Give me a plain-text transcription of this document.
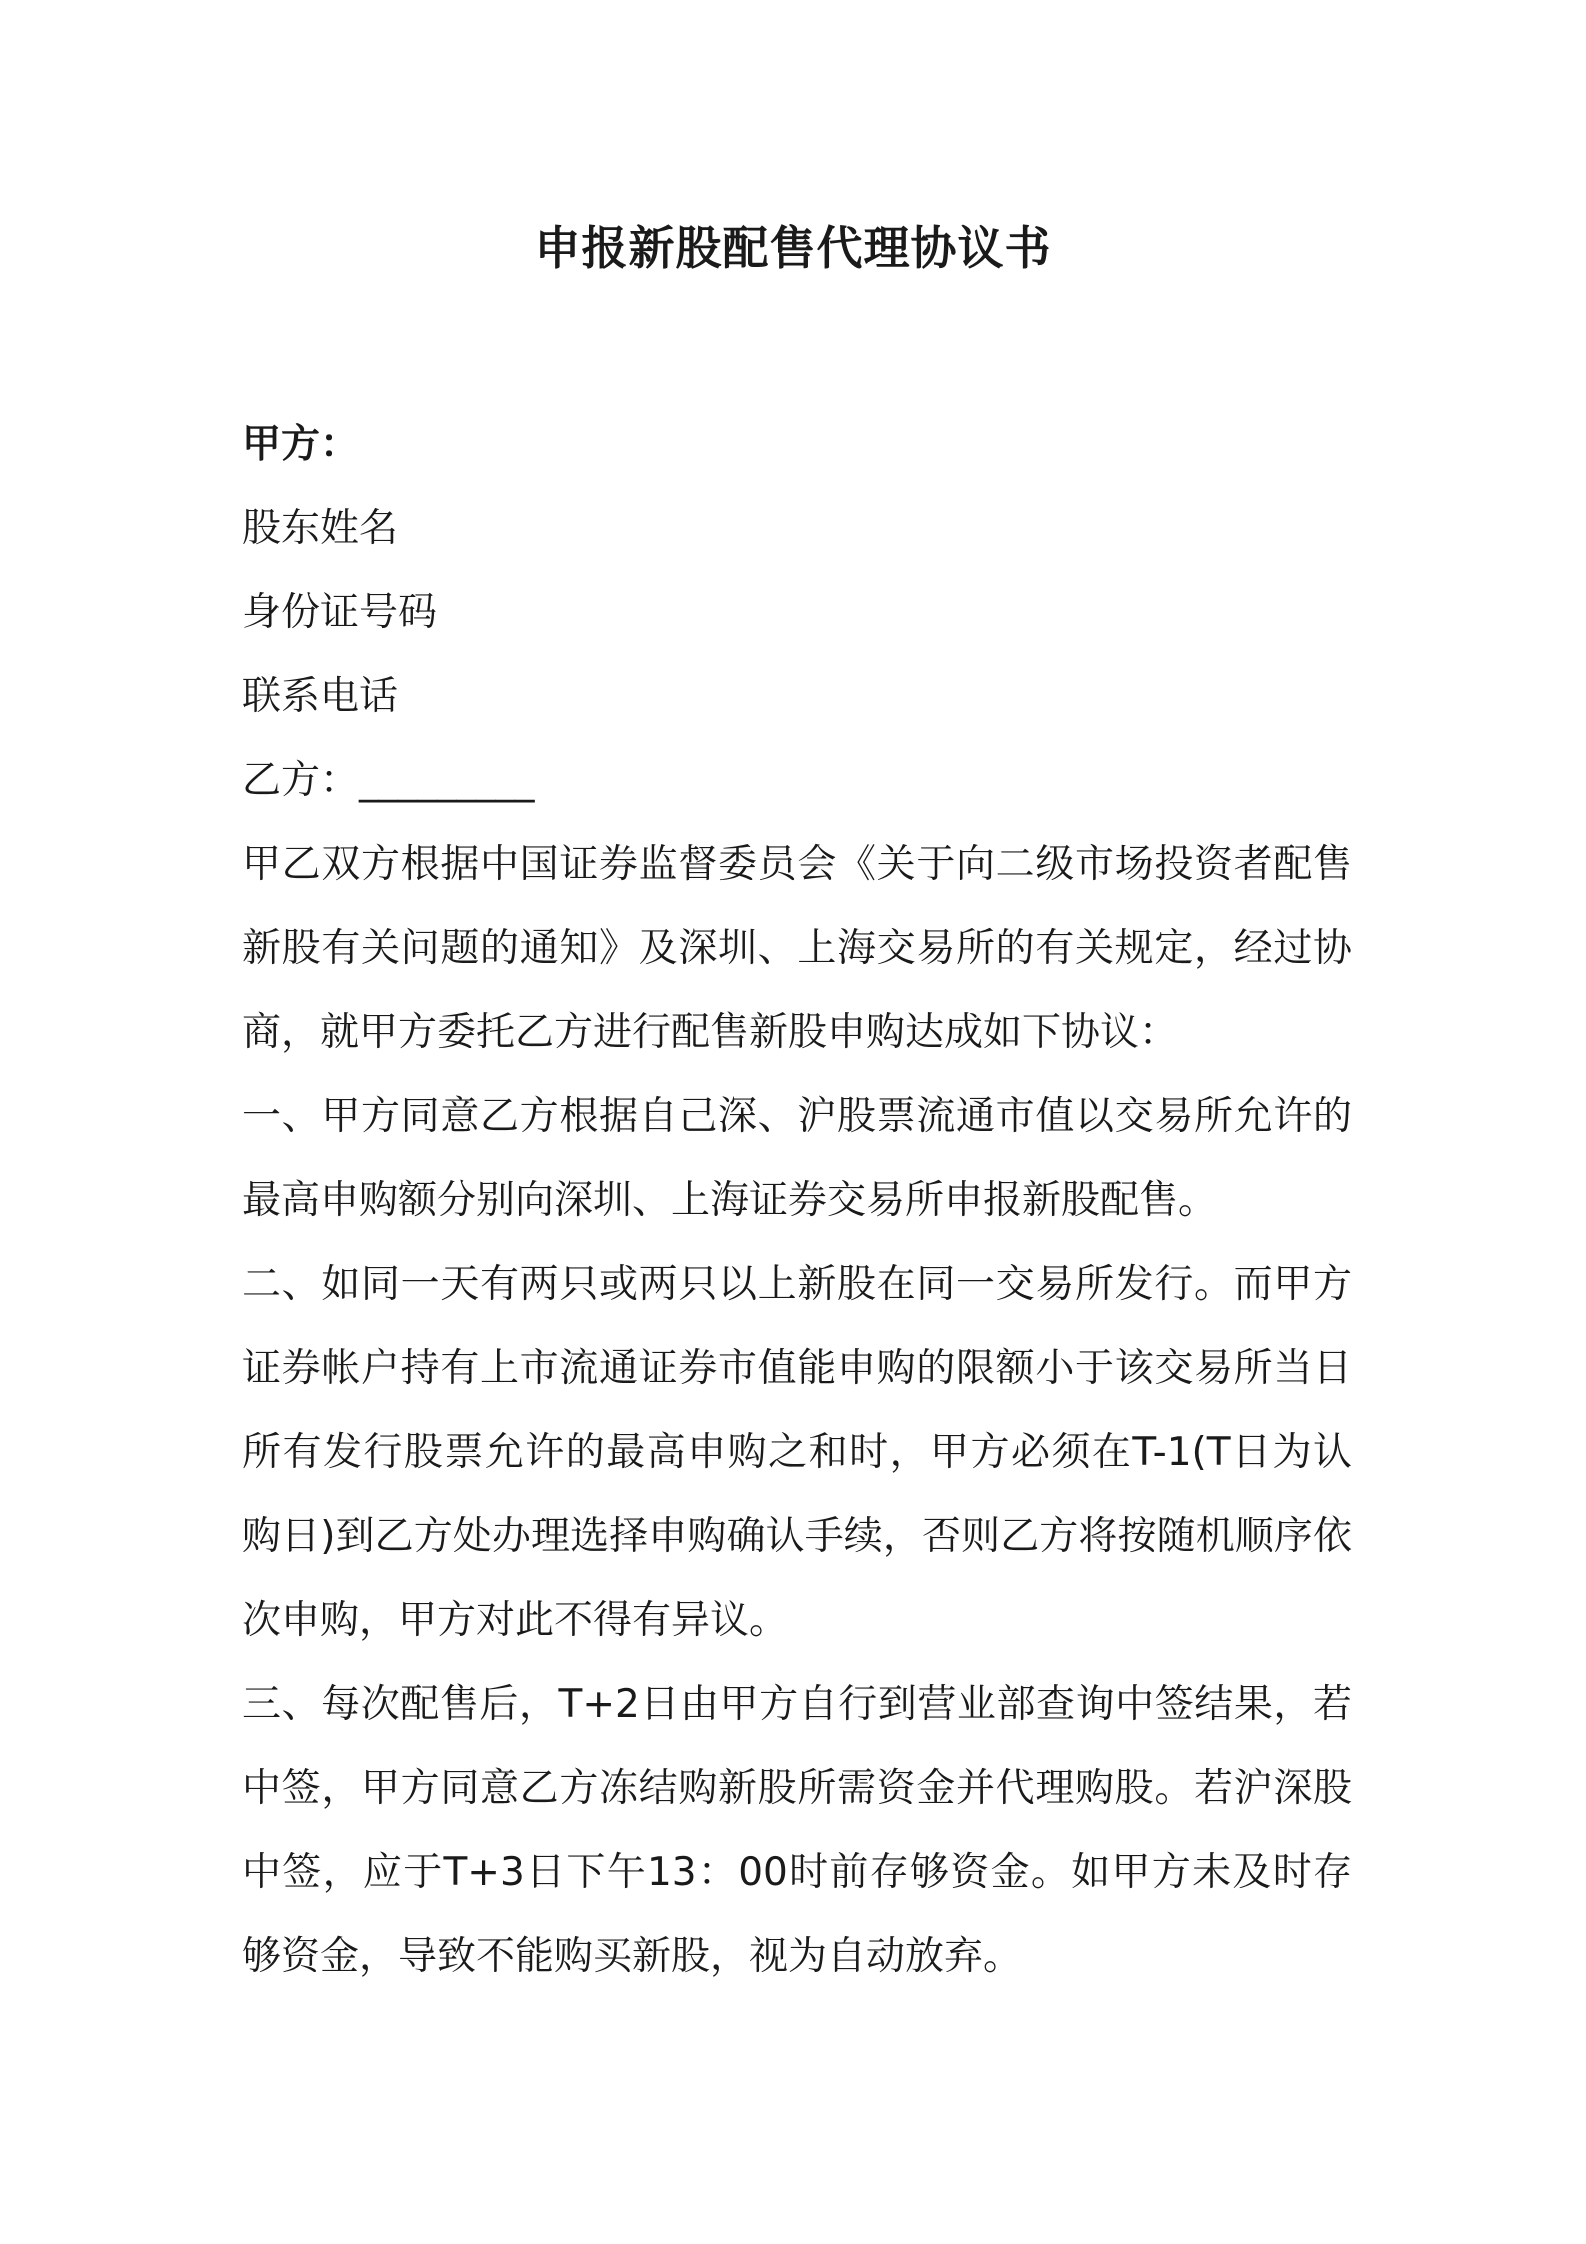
申报新股配售代理协议书

甲方：

股东姓名

身份证号码

联系电话

乙方：_________

甲乙双方根据中国证券监督委员会《关于向二级市场投资者配售新股有关问题的通知》及深圳、上海交易所的有关规定，经过协商，就甲方委托乙方进行配售新股申购达成如下协议：

一、甲方同意乙方根据自己深、沪股票流通市值以交易所允许的最高申购额分别向深圳、上海证券交易所申报新股配售。

二、如同一天有两只或两只以上新股在同一交易所发行。而甲方证券帐户持有上市流通证券市值能申购的限额小于该交易所当日所有发行股票允许的最高申购之和时，甲方必须在T-1(T日为认购日)到乙方处办理选择申购确认手续，否则乙方将按随机顺序依次申购，甲方对此不得有异议。

三、每次配售后，T+2日由甲方自行到营业部查询中签结果，若中签，甲方同意乙方冻结购新股所需资金并代理购股。若沪深股中签，应于T+3日下午13：00时前存够资金。如甲方未及时存够资金，导致不能购买新股，视为自动放弃。
